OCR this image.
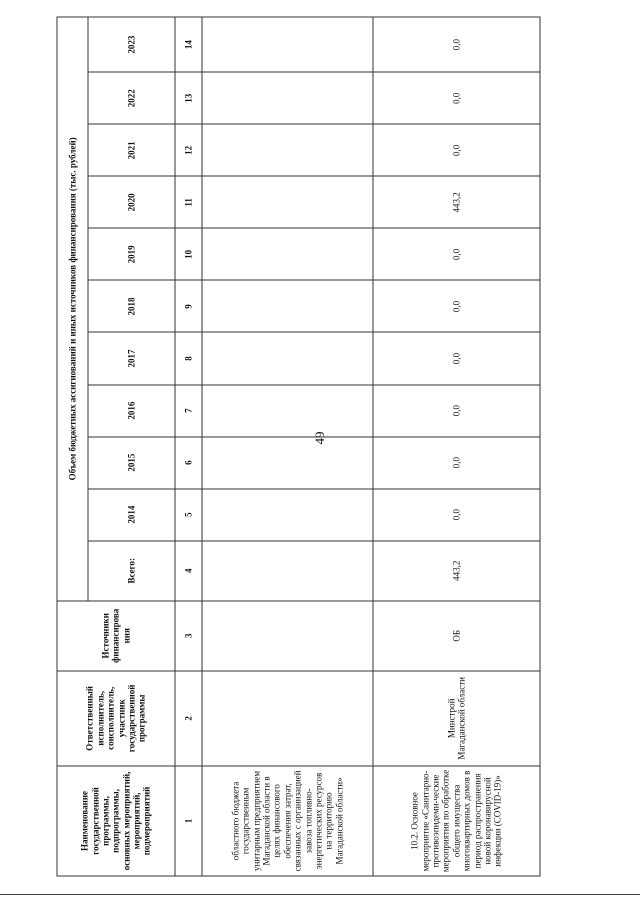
49
Наименование государственной программы, подпрограммы, основных мероприятий, мероприятий, подмероприятий	Ответственный исполнитель, соисполнитель, участник государственной программы	Источники финансирова ния	Объем бюджетных ассигнований и иных источников финансирования (тыс. рублей)										
			Всего:	2014	2015	2016	2017	2018	2019	2020	2021	2022	2023
1	2	3	4	5	6	7	8	9	10	11	12	13	14
областного бюджета государственным унитарным предприятием Магаданской области в целях финансового обеспечения затрат, связанных с организацией завоза топливно-энергетических ресурсов на территорию Магаданской области»													
10.2. Основное мероприятие «Санитарно-противоэпидеми-ческие мероприятия по обработке общего имущества многоквартирных домов в период распространения новой коронавирусной инфекции (COVID-19)»	Минстрой Магаданской области	ОБ	443,2	0,0	0,0	0,0	0,0	0,0	0,0	443,2	0,0	0,0	0,0
